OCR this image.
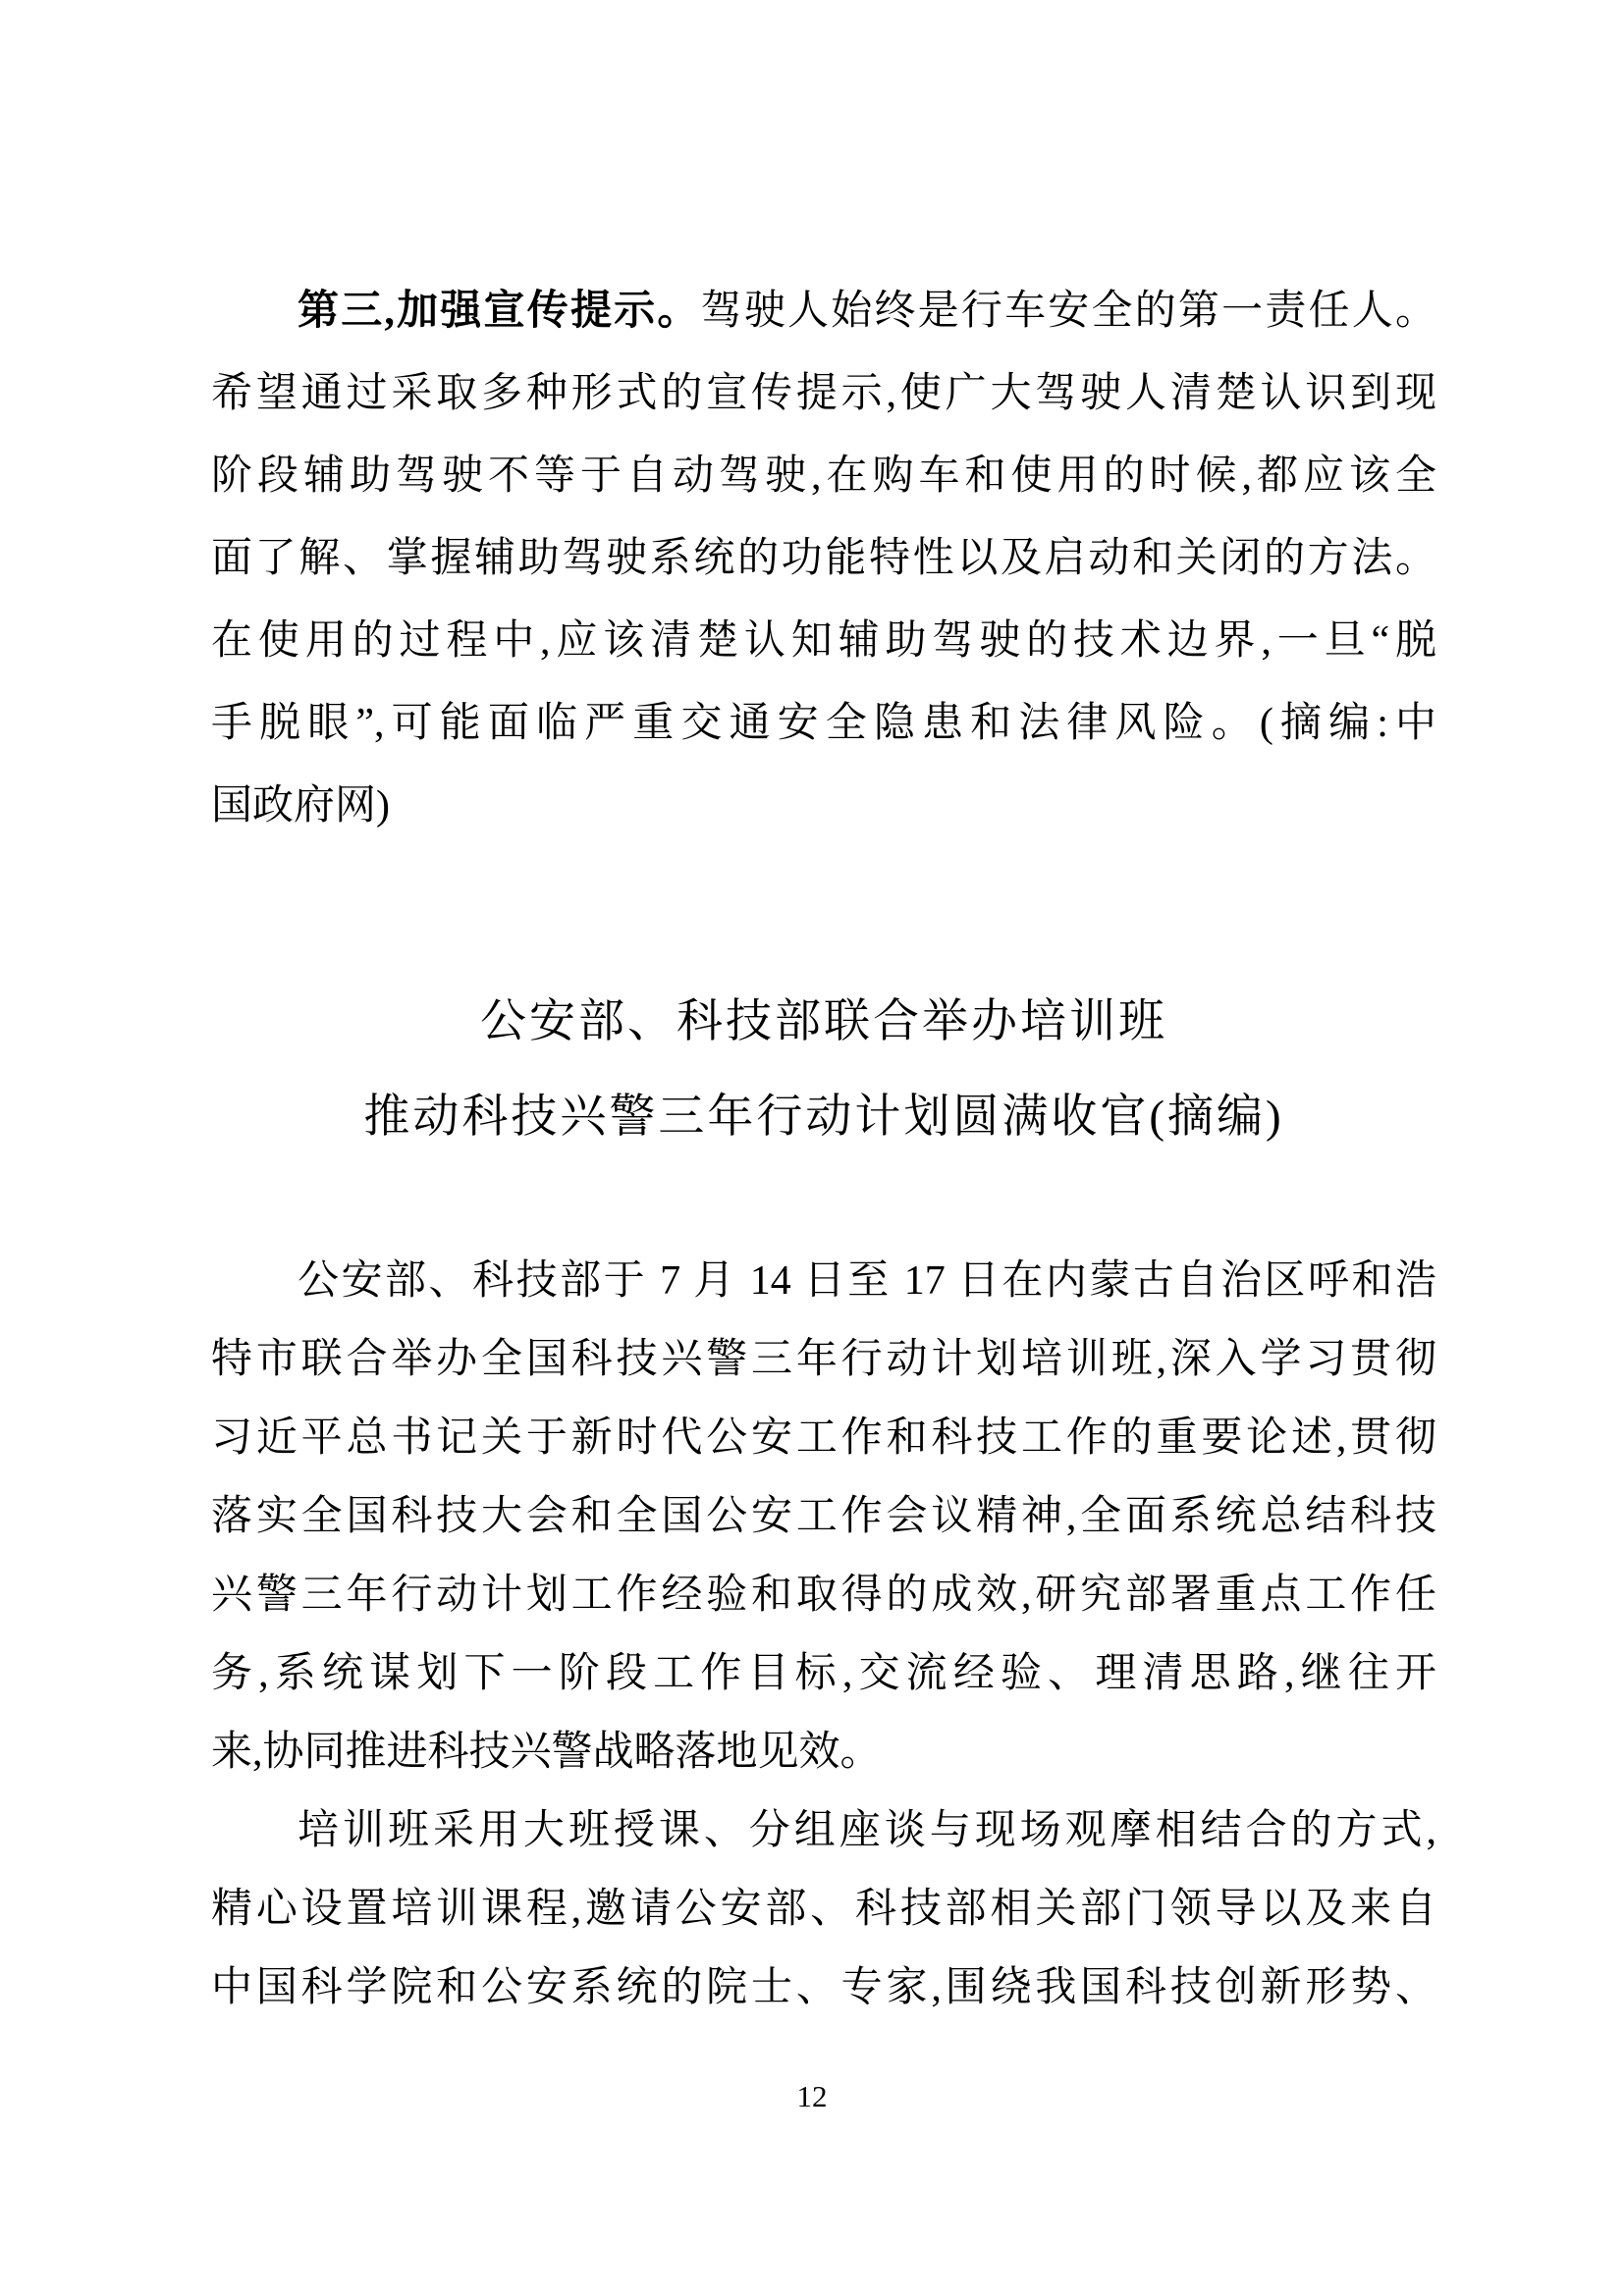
第三,加强宣传提示。驾驶人始终是行车安全的第一责任人。
希望通过采取多种形式的宣传提示,使广大驾驶人清楚认识到现
阶段辅助驾驶不等于自动驾驶,在购车和使用的时候,都应该全
面了解、掌握辅助驾驶系统的功能特性以及启动和关闭的方法。
在使用的过程中,应该清楚认知辅助驾驶的技术边界,一旦“脱
手脱眼”,可能面临严重交通安全隐患和法律风险。(摘编:中
国政府网)
公安部、科技部联合举办培训班
推动科技兴警三年行动计划圆满收官(摘编)
公安部、科技部于 7 月 14 日至 17 日在内蒙古自治区呼和浩
特市联合举办全国科技兴警三年行动计划培训班,深入学习贯彻
习近平总书记关于新时代公安工作和科技工作的重要论述,贯彻
落实全国科技大会和全国公安工作会议精神,全面系统总结科技
兴警三年行动计划工作经验和取得的成效,研究部署重点工作任
务,系统谋划下一阶段工作目标,交流经验、理清思路,继往开
来,协同推进科技兴警战略落地见效。
培训班采用大班授课、分组座谈与现场观摩相结合的方式,
精心设置培训课程,邀请公安部、科技部相关部门领导以及来自
中国科学院和公安系统的院士、专家,围绕我国科技创新形势、
12
